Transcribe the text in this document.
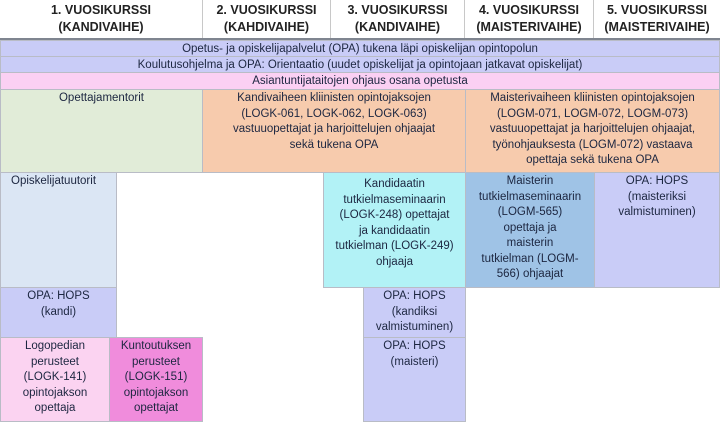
1. VUOSIKURSSI
(KANDIVAIHE)
2. VUOSIKURSSI
(KAHDIVAIHE)
3. VUOSIKURSSI
(KANDIVAIHE)
4. VUOSIKURSSI
(MAISTERIVAIHE)
5. VUOSIKURSSI
(MAISTERIVAIHE)
Opetus- ja opiskelijapalvelut (OPA) tukena läpi opiskelijan opintopolun
Koulutusohjelma ja OPA: Orientaatio (uudet opiskelijat ja opintojaan jatkavat opiskelijat)
Asiantuntijataitojen ohjaus osana opetusta
Opettajamentorit	Kandivaiheen kliinisten opintojaksojen
(LOGK-061, LOGK-062, LOGK-063)
vastuuopettajat ja harjoittelujen ohjaajat
sekä tukena OPA
Maisterivaiheen kliinisten opintojaksojen
(LOGM-071, LOGM-072, LOGM-073)
vastuuopettajat ja harjoittelujen ohjaajat,
työnohjauksesta (LOGM-072) vastaava
opettaja sekä tukena OPA
Opiskelijatuutorit	Kandidaatin
tutkielmaseminaarin
(LOGK-248) opettajat
ja kandidaatin
tutkielman (LOGK-249)
ohjaaja
Maisterin
tutkielmaseminaarin
(LOGM-565)
opettaja ja
maisterin
tutkielman (LOGM-
566) ohjaajat
OPA: HOPS
(maisteriksi
valmistuminen)
OPA: HOPS
(kandi)
OPA: HOPS
(kandiksi
valmistuminen)
Logopedian
perusteet
(LOGK-141)
opintojakson
opettaja
Kuntoutuksen
perusteet
(LOGK-151)
opintojakson
opettajat
OPA: HOPS
(maisteri)
